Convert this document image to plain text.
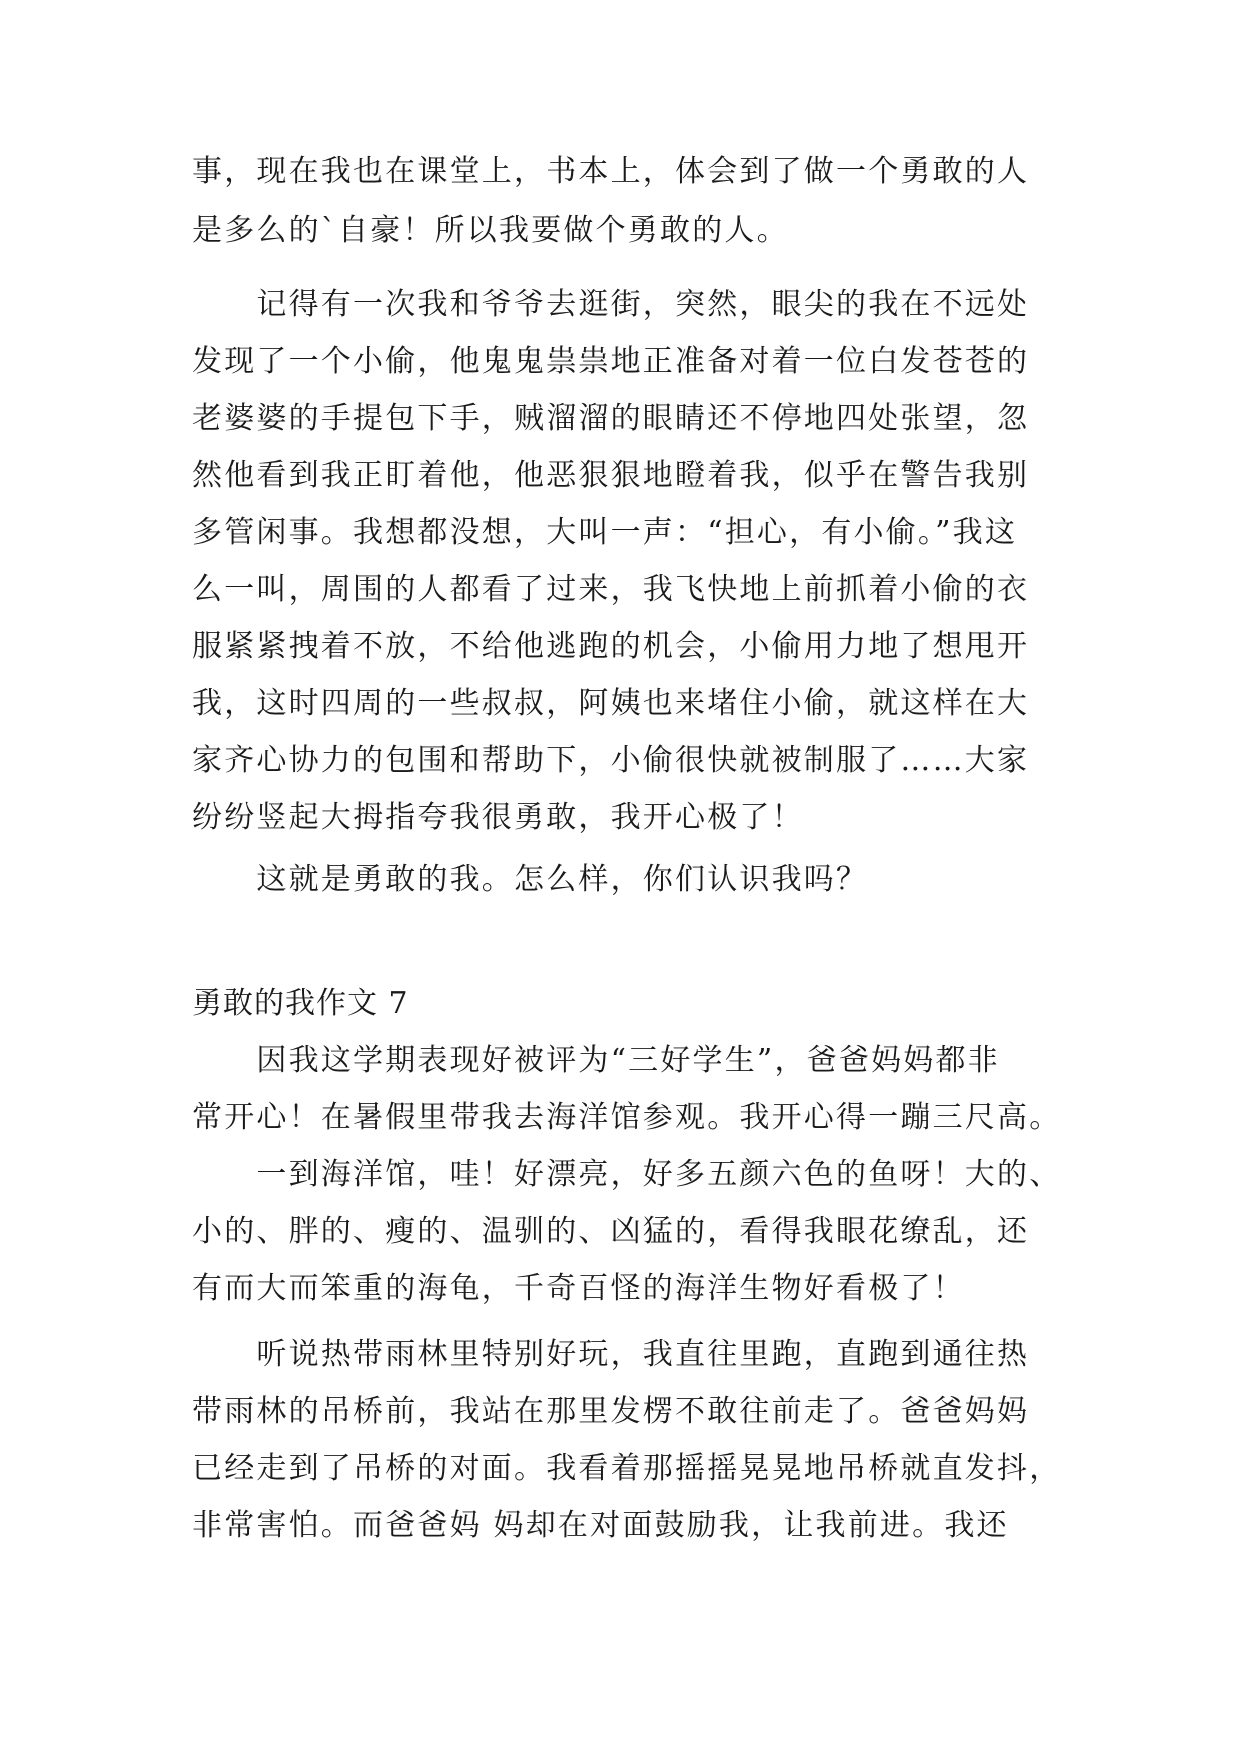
事，现在我也在课堂上，书本上，体会到了做一个勇敢的人
是多么的`自豪！所以我要做个勇敢的人。
　　记得有一次我和爷爷去逛街，突然，眼尖的我在不远处
发现了一个小偷，他鬼鬼祟祟地正准备对着一位白发苍苍的
老婆婆的手提包下手，贼溜溜的眼睛还不停地四处张望，忽
然他看到我正盯着他，他恶狠狠地瞪着我，似乎在警告我别
多管闲事。我想都没想，大叫一声：“担心，有小偷。”我这
么一叫，周围的人都看了过来，我飞快地上前抓着小偷的衣
服紧紧拽着不放，不给他逃跑的机会，小偷用力地了想甩开
我，这时四周的一些叔叔，阿姨也来堵住小偷，就这样在大
家齐心协力的包围和帮助下，小偷很快就被制服了……大家
纷纷竖起大拇指夸我很勇敢，我开心极了！
　　这就是勇敢的我。怎么样，你们认识我吗？
勇敢的我作文 7
　　因我这学期表现好被评为“三好学生”，爸爸妈妈都非
常开心！在暑假里带我去海洋馆参观。我开心得一蹦三尺高。
　　一到海洋馆，哇！好漂亮，好多五颜六色的鱼呀！大的、
小的、胖的、瘦的、温驯的、凶猛的，看得我眼花缭乱，还
有而大而笨重的海龟，千奇百怪的海洋生物好看极了！
　　听说热带雨林里特别好玩，我直往里跑，直跑到通往热
带雨林的吊桥前，我站在那里发楞不敢往前走了。爸爸妈妈
已经走到了吊桥的对面。我看着那摇摇晃晃地吊桥就直发抖，
非常害怕。而爸爸妈 妈却在对面鼓励我，让我前进。我还
